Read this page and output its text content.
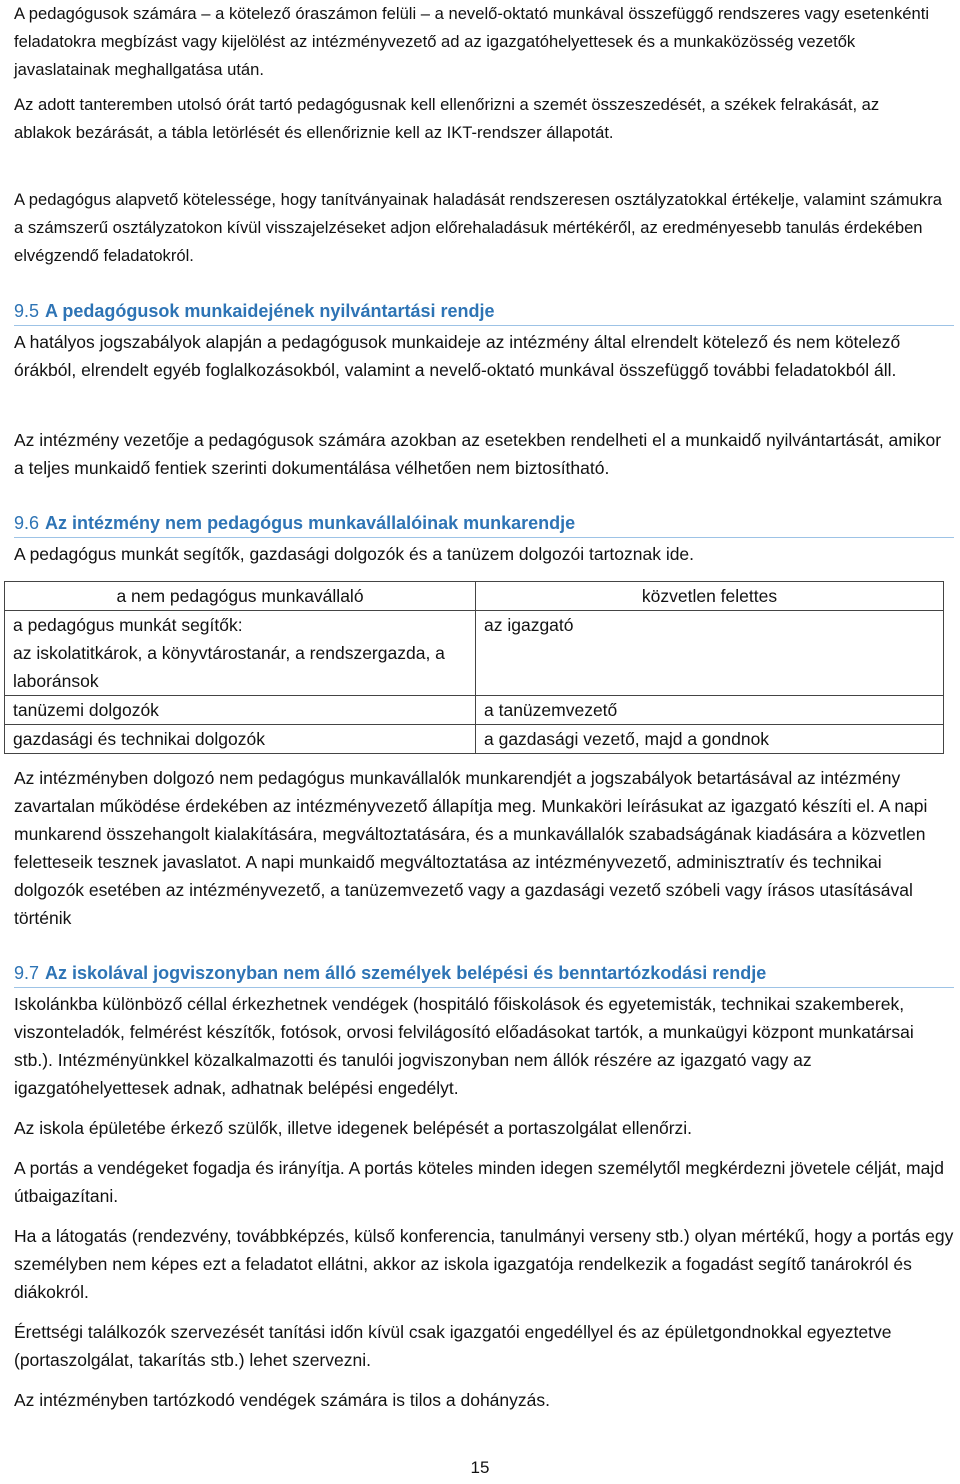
A pedagógusok számára – a kötelező óraszámon felüli – a nevelő-oktató munkával összefüggő rendszeres vagy esetenkénti feladatokra megbízást vagy kijelölést az intézményvezető ad az igazgatóhelyettesek és a munkaközösség vezetők javaslatainak meghallgatása után.

Az adott tanteremben utolsó órát tartó pedagógusnak kell ellenőrizni a szemét összeszedését, a székek felrakását, az ablakok bezárását, a tábla letörlését és ellenőriznie kell az IKT-rendszer állapotát.

A pedagógus alapvető kötelessége, hogy tanítványainak haladását rendszeresen osztályzatokkal értékelje, valamint számukra a számszerű osztályzatokon kívül visszajelzéseket adjon előrehaladásuk mértékéről, az eredményesebb tanulás érdekében elvégzendő feladatokról.

9.5 A pedagógusok munkaidejének nyilvántartási rendje

A hatályos jogszabályok alapján a pedagógusok munkaideje az intézmény által elrendelt kötelező és nem kötelező órákból, elrendelt egyéb foglalkozásokból, valamint a nevelő-oktató munkával összefüggő további feladatokból áll.

Az intézmény vezetője a pedagógusok számára azokban az esetekben rendelheti el a munkaidő nyilvántartását, amikor a teljes munkaidő fentiek szerinti dokumentálása vélhetően nem biztosítható.

9.6 Az intézmény nem pedagógus munkavállalóinak munkarendje

A pedagógus munkát segítők, gazdasági dolgozók és a tanüzem dolgozói tartoznak ide.

a nem pedagógus munkavállaló	közvetlen felettes

a pedagógus munkát segítők:
az iskolatitkárok, a könyvtárostanár, a rendszergazda, a laboránsok	az igazgató
tanüzemi dolgozók	a tanüzemvezető
gazdasági és technikai dolgozók	a gazdasági vezető, majd a gondnok

Az intézményben dolgozó nem pedagógus munkavállalók munkarendjét a jogszabályok betartásával az intézmény zavartalan működése érdekében az intézményvezető állapítja meg. Munkaköri leírásukat az igazgató készíti el. A napi munkarend összehangolt kialakítására, megváltoztatására, és a munkavállalók szabadságának kiadására a közvetlen feletteseik tesznek javaslatot. A napi munkaidő megváltoztatása az intézményvezető, adminisztratív és technikai dolgozók esetében az intézményvezető, a tanüzemvezető vagy a gazdasági vezető szóbeli vagy írásos utasításával történik

9.7 Az iskolával jogviszonyban nem álló személyek belépési és benntartózkodási rendje

Iskolánkba különböző céllal érkezhetnek vendégek (hospitáló főiskolások és egyetemisták, technikai szakemberek, viszonteladók, felmérést készítők, fotósok, orvosi felvilágosító előadásokat tartók, a munkaügyi központ munkatársai stb.). Intézményünkkel közalkalmazotti és tanulói jogviszonyban nem állók részére az igazgató vagy az igazgatóhelyettesek adnak, adhatnak belépési engedélyt.

Az iskola épületébe érkező szülők, illetve idegenek belépését a portaszolgálat ellenőrzi.

A portás a vendégeket fogadja és irányítja. A portás köteles minden idegen személytől megkérdezni jövetele célját, majd útbaigazítani.

Ha a látogatás (rendezvény, továbbképzés, külső konferencia, tanulmányi verseny stb.) olyan mértékű, hogy a portás egy személyben nem képes ezt a feladatot ellátni, akkor az iskola igazgatója rendelkezik a fogadást segítő tanárokról és diákokról.

Érettségi találkozók szervezését tanítási időn kívül csak igazgatói engedéllyel és az épületgondnokkal egyeztetve (portaszolgálat, takarítás stb.) lehet szervezni.

Az intézményben tartózkodó vendégek számára is tilos a dohányzás.

15
